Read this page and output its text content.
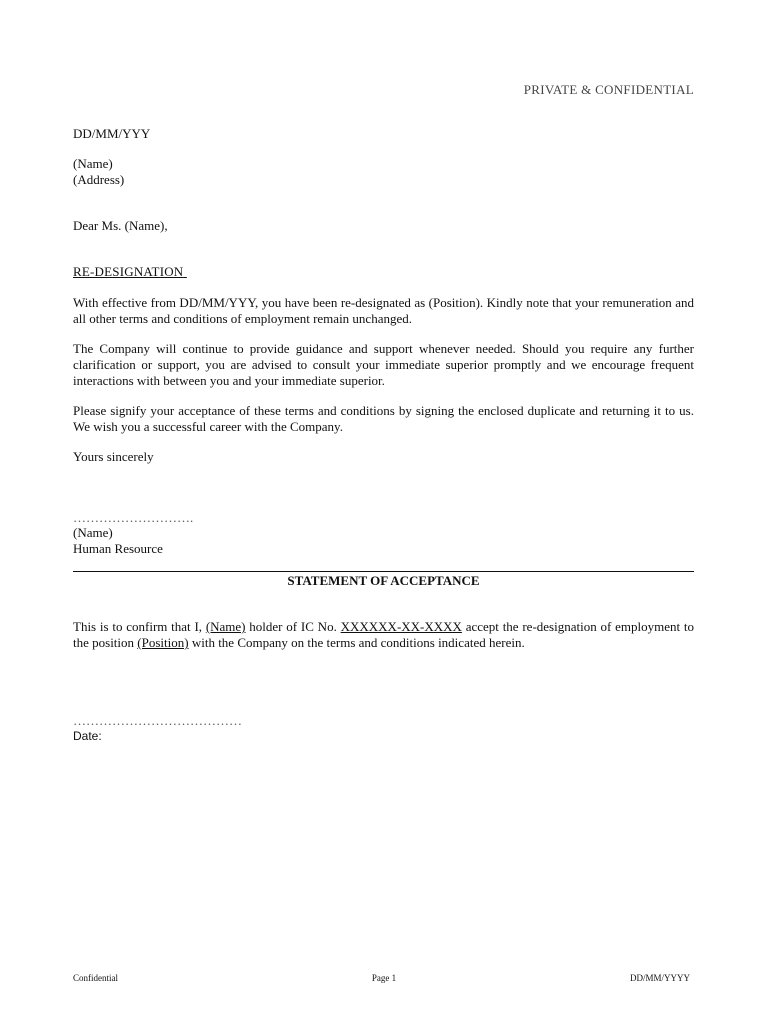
PRIVATE & CONFIDENTIAL
DD/MM/YYY
(Name)
(Address)
Dear Ms. (Name),
RE-DESIGNATION

With effective from DD/MM/YYY, you have been re-designated as (Position). Kindly note that your remuneration and all other terms and conditions of employment remain unchanged.

The Company will continue to provide guidance and support whenever needed. Should you require any further clarification or support, you are advised to consult your immediate superior promptly and we encourage frequent interactions with between you and your immediate superior.

Please signify your acceptance of these terms and conditions by signing the enclosed duplicate and returning it to us. We wish you a successful career with the Company.

Yours sincerely
……………………….
(Name)
Human Resource
STATEMENT OF ACCEPTANCE

This is to confirm that I, (Name) holder of IC No. XXXXXX-XX-XXXX accept the re-designation of employment to the position (Position) with the Company on the terms and conditions indicated herein.

…………………………………
Date:
Confidential	Page 1	DD/MM/YYYY
